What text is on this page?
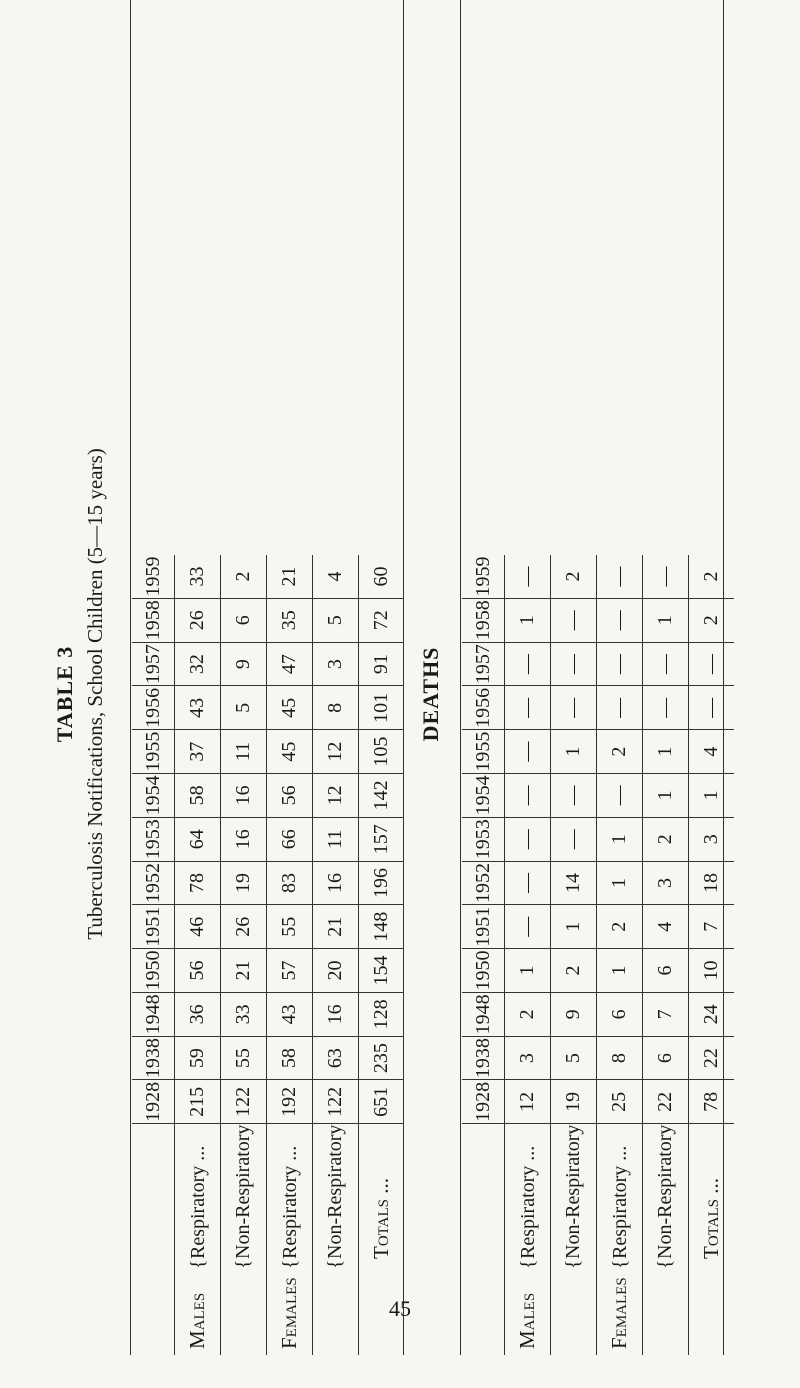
TABLE 3 Tuberculosis Notifications, School Children (5—15 years)
	1928	1938	1948	1950	1951	1952	1953	1954	1955	1956	1957	1958	1959
Males{Respiratory ...	215	59	36	56	46	78	64	58	37	43	32	26	33
{Non-Respiratory	122	55	33	21	26	19	16	16	11	5	9	6	2
Females{Respiratory ...	192	58	43	57	55	83	66	56	45	45	47	35	21
{Non-Respiratory	122	63	16	20	21	16	11	12	12	8	3	5	4
Totals ...	651	235	128	154	148	196	157	142	105	101	91	72	60
DEATHS
	1928	1938	1948	1950	1951	1952	1953	1954	1955	1956	1957	1958	1959
Males{Respiratory ...	12	3	2	1	—	—	—	—	—	—	—	1	—
{Non-Respiratory	19	5	9	2	1	14	—	—	1	—	—	—	2
Females{Respiratory ...	25	8	6	1	2	1	1	—	2	—	—	—	—
{Non-Respiratory	22	6	7	6	4	3	2	1	1	—	—	1	—
Totals ...	78	22	24	10	7	18	3	1	4	—	—	2	2
45
